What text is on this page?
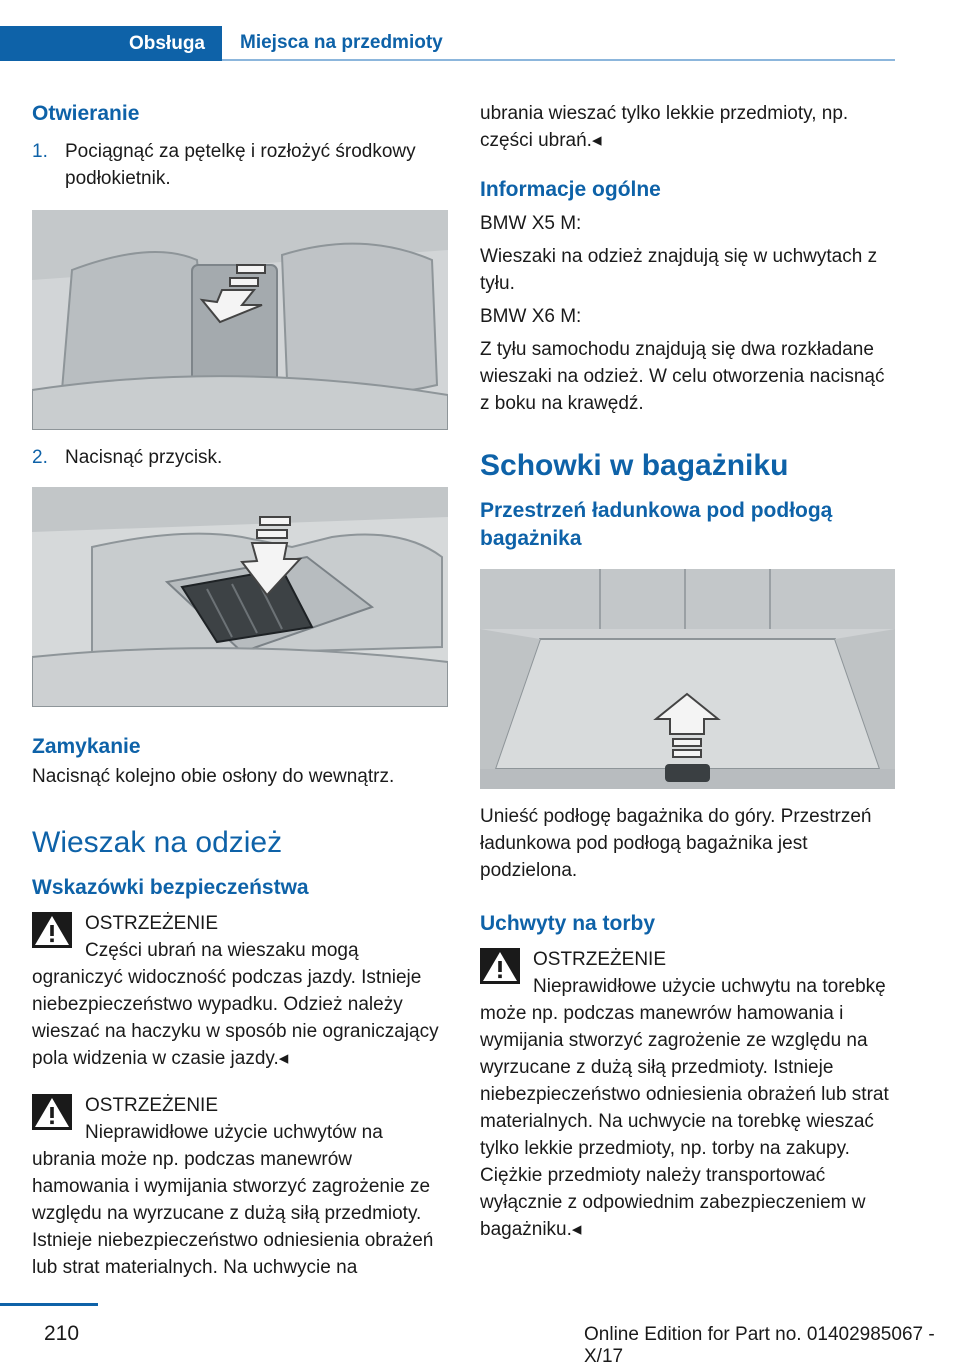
Obsługa	Miejsca na przedmioty
Otwieranie
1. Pociągnąć za pętelkę i rozłożyć środkowy podłokietnik.
2. Nacisnąć przycisk.
Zamykanie

Nacisnąć kolejno obie osłony do wewnątrz.

Wieszak na odzież
Wskazówki bezpieczeństwa
OSTRZEŻENIE
Części ubrań na wieszaku mogą ograniczyć widoczność podczas jazdy. Istnieje niebezpieczeństwo wypadku. Odzież należy wieszać na haczyku w sposób nie ograniczający pola widzenia w czasie jazdy.◂
OSTRZEŻENIE
Nieprawidłowe użycie uchwytów na ubrania może np. podczas manewrów hamowania i wymijania stworzyć zagrożenie ze względu na wyrzucane z dużą siłą przedmioty. Istnieje niebezpieczeństwo odniesienia obrażeń lub strat materialnych. Na uchwycie na

ubrania wieszać tylko lekkie przedmioty, np. części ubrań.◂

Informacje ogólne

BMW X5 M:

Wieszaki na odzież znajdują się w uchwytach z tyłu.

BMW X6 M:

Z tyłu samochodu znajdują się dwa rozkładane wieszaki na odzież. W celu otworzenia nacisnąć z boku na krawędź.

Schowki w bagażniku
Przestrzeń ładunkowa pod podłogą bagażnika

Unieść podłogę bagażnika do góry. Przestrzeń ładunkowa pod podłogą bagażnika jest podzielona.

Uchwyty na torby
OSTRZEŻENIE
Nieprawidłowe użycie uchwytu na torebkę może np. podczas manewrów hamowania i wymijania stworzyć zagrożenie ze względu na wyrzucane z dużą siłą przedmioty. Istnieje niebezpieczeństwo odniesienia obrażeń lub strat materialnych. Na uchwycie na torebkę wieszać tylko lekkie przedmioty, np. torby na zakupy. Ciężkie przedmioty należy transportować wyłącznie z odpowiednim zabezpieczeniem w bagażniku.◂
210	Online Edition for Part no. 01402985067 - X/17
